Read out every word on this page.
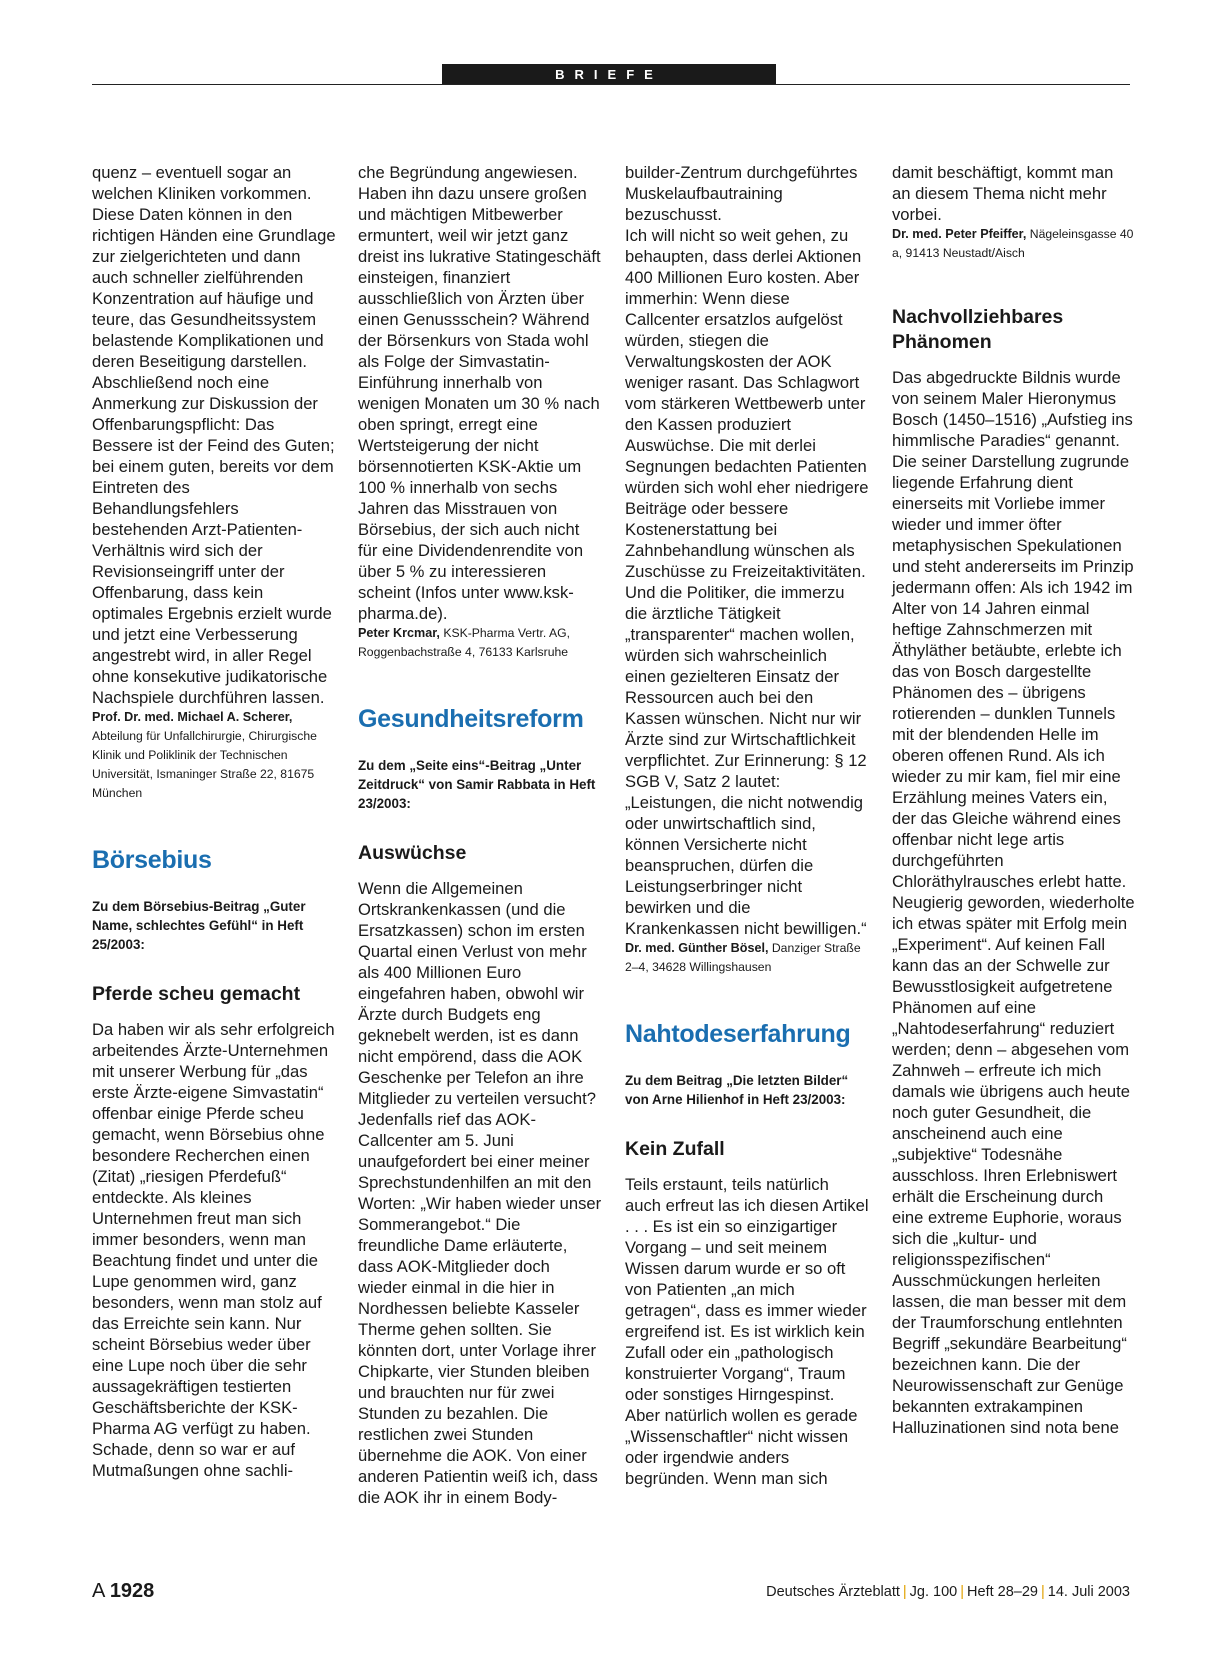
BRIEFE

quenz – eventuell sogar an welchen Kliniken vorkommen. Diese Daten können in den richtigen Händen eine Grundlage zur zielgerichteten und dann auch schneller zielführenden Konzentration auf häufige und teure, das Gesundheitssystem belastende Komplikationen und deren Beseitigung darstellen. Abschließend noch eine Anmerkung zur Diskussion der Offenbarungspflicht: Das Bessere ist der Feind des Guten; bei einem guten, bereits vor dem Eintreten des Behandlungsfehlers bestehenden Arzt-Patienten-Verhältnis wird sich der Revisionseingriff unter der Offenbarung, dass kein optimales Ergebnis erzielt wurde und jetzt eine Verbesserung angestrebt wird, in aller Regel ohne konsekutive judikatorische Nachspiele durchführen lassen.

Prof. Dr. med. Michael A. Scherer,
Abteilung für Unfallchirurgie, Chirurgische Klinik und Poliklinik der Technischen Universität, Ismaninger Straße 22, 81675 München

Börsebius

Zu dem Börsebius-Beitrag „Guter Name, schlechtes Gefühl“ in Heft 25/2003:

Pferde scheu gemacht

Da haben wir als sehr erfolgreich arbeitendes Ärzte-Unternehmen mit unserer Werbung für „das erste Ärzte-eigene Simvastatin“ offenbar einige Pferde scheu gemacht, wenn Börsebius ohne besondere Recherchen einen (Zitat) „riesigen Pferdefuß“ entdeckte. Als kleines Unternehmen freut man sich immer besonders, wenn man Beachtung findet und unter die Lupe genommen wird, ganz besonders, wenn man stolz auf das Erreichte sein kann. Nur scheint Börsebius weder über eine Lupe noch über die sehr aussagekräftigen testierten Geschäftsberichte der KSK-Pharma AG verfügt zu haben. Schade, denn so war er auf Mutmaßungen ohne sachli-

che Begründung angewiesen. Haben ihn dazu unsere großen und mächtigen Mitbewerber ermuntert, weil wir jetzt ganz dreist ins lukrative Statingeschäft einsteigen, finanziert ausschließlich von Ärzten über einen Genussschein? Während der Börsenkurs von Stada wohl als Folge der Simvastatin-Einführung innerhalb von wenigen Monaten um 30 % nach oben springt, erregt eine Wertsteigerung der nicht börsennotierten KSK-Aktie um 100 % innerhalb von sechs Jahren das Misstrauen von Börsebius, der sich auch nicht für eine Dividendenrendite von über 5 % zu interessieren scheint (Infos unter www.ksk-pharma.de).

Peter Krcmar, KSK-Pharma Vertr. AG, Roggenbachstraße 4, 76133 Karlsruhe

Gesundheitsreform

Zu dem „Seite eins“-Beitrag „Unter Zeitdruck“ von Samir Rabbata in Heft 23/2003:

Auswüchse

Wenn die Allgemeinen Ortskrankenkassen (und die Ersatzkassen) schon im ersten Quartal einen Verlust von mehr als 400 Millionen Euro eingefahren haben, obwohl wir Ärzte durch Budgets eng geknebelt werden, ist es dann nicht empörend, dass die AOK Geschenke per Telefon an ihre Mitglieder zu verteilen versucht? Jedenfalls rief das AOK-Callcenter am 5. Juni unaufgefordert bei einer meiner Sprechstundenhilfen an mit den Worten: „Wir haben wieder unser Sommerangebot.“ Die freundliche Dame erläuterte, dass AOK-Mitglieder doch wieder einmal in die hier in Nordhessen beliebte Kasseler Therme gehen sollten. Sie könnten dort, unter Vorlage ihrer Chipkarte, vier Stunden bleiben und brauchten nur für zwei Stunden zu bezahlen. Die restlichen zwei Stunden übernehme die AOK. Von einer anderen Patientin weiß ich, dass die AOK ihr in einem Body-

builder-Zentrum durchgeführtes Muskelaufbautraining bezuschusst.

Ich will nicht so weit gehen, zu behaupten, dass derlei Aktionen 400 Millionen Euro kosten. Aber immerhin: Wenn diese Callcenter ersatzlos aufgelöst würden, stiegen die Verwaltungskosten der AOK weniger rasant. Das Schlagwort vom stärkeren Wettbewerb unter den Kassen produziert Auswüchse. Die mit derlei Segnungen bedachten Patienten würden sich wohl eher niedrigere Beiträge oder bessere Kostenerstattung bei Zahnbehandlung wünschen als Zuschüsse zu Freizeitaktivitäten. Und die Politiker, die immerzu die ärztliche Tätigkeit „transparenter“ machen wollen, würden sich wahrscheinlich einen gezielteren Einsatz der Ressourcen auch bei den Kassen wünschen. Nicht nur wir Ärzte sind zur Wirtschaftlichkeit verpflichtet. Zur Erinnerung: § 12 SGB V, Satz 2 lautet: „Leistungen, die nicht notwendig oder unwirtschaftlich sind, können Versicherte nicht beanspruchen, dürfen die Leistungserbringer nicht bewirken und die Krankenkassen nicht bewilligen.“

Dr. med. Günther Bösel, Danziger Straße 2–4, 34628 Willingshausen

Nahtodeserfahrung

Zu dem Beitrag „Die letzten Bilder“ von Arne Hilienhof in Heft 23/2003:

Kein Zufall

Teils erstaunt, teils natürlich auch erfreut las ich diesen Artikel . . . Es ist ein so einzigartiger Vorgang – und seit meinem Wissen darum wurde er so oft von Patienten „an mich getragen“, dass es immer wieder ergreifend ist. Es ist wirklich kein Zufall oder ein „pathologisch konstruierter Vorgang“, Traum oder sonstiges Hirngespinst. Aber natürlich wollen es gerade „Wissenschaftler“ nicht wissen oder irgendwie anders begründen. Wenn man sich

damit beschäftigt, kommt man an diesem Thema nicht mehr vorbei.

Dr. med. Peter Pfeiffer, Nägeleinsgasse 40 a, 91413 Neustadt/Aisch

Nachvollziehbares Phänomen

Das abgedruckte Bildnis wurde von seinem Maler Hieronymus Bosch (1450–1516) „Aufstieg ins himmlische Paradies“ genannt. Die seiner Darstellung zugrunde liegende Erfahrung dient einerseits mit Vorliebe immer wieder und immer öfter metaphysischen Spekulationen und steht andererseits im Prinzip jedermann offen: Als ich 1942 im Alter von 14 Jahren einmal heftige Zahnschmerzen mit Äthyläther betäubte, erlebte ich das von Bosch dargestellte Phänomen des – übrigens rotierenden – dunklen Tunnels mit der blendenden Helle im oberen offenen Rund. Als ich wieder zu mir kam, fiel mir eine Erzählung meines Vaters ein, der das Gleiche während eines offenbar nicht lege artis durchgeführten Chloräthylrausches erlebt hatte. Neugierig geworden, wiederholte ich etwas später mit Erfolg mein „Experiment“. Auf keinen Fall kann das an der Schwelle zur Bewusstlosigkeit aufgetretene Phänomen auf eine „Nahtodeserfahrung“ reduziert werden; denn – abgesehen vom Zahnweh – erfreute ich mich damals wie übrigens auch heute noch guter Gesundheit, die anscheinend auch eine „subjektive“ Todesnähe ausschloss. Ihren Erlebniswert erhält die Erscheinung durch eine extreme Euphorie, woraus sich die „kultur- und religionsspezifischen“ Ausschmückungen herleiten lassen, die man besser mit dem der Traumforschung entlehnten Begriff „sekundäre Bearbeitung“ bezeichnen kann. Die der Neurowissenschaft zur Genüge bekannten extrakampinen Halluzinationen sind nota bene

A 1928	Deutsches Ärzteblatt | Jg. 100 | Heft 28–29 | 14. Juli 2003
